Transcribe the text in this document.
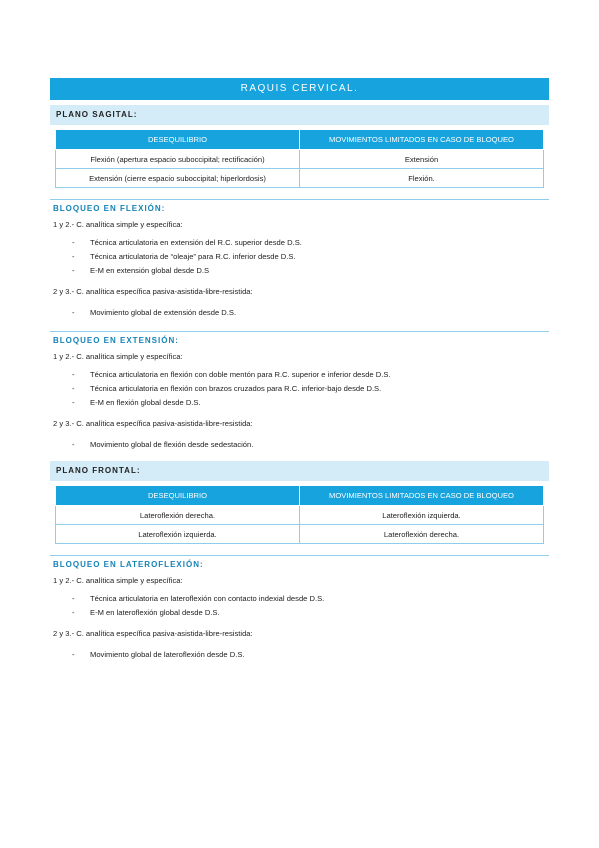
RAQUIS CERVICAL.
PLANO SAGITAL:
DESEQUILIBRIO	MOVIMIENTOS LIMITADOS EN CASO DE BLOQUEO
Flexión (apertura espacio suboccipital; rectificación)	Extensión
Extensión (cierre espacio suboccipital; hiperlordosis)	Flexión.
BLOQUEO EN FLEXIÓN:
1 y 2.- C. analítica simple y específica:
- Técnica articulatoria en extensión del R.C. superior desde D.S.
- Técnica articulatoria de “oleaje” para R.C. inferior desde D.S.
- E-M en extensión global desde D.S
2 y 3.- C. analítica específica pasiva-asistida-libre-resistida:
- Movimiento global de extensión desde D.S.
BLOQUEO EN EXTENSIÓN:
1 y 2.- C. analítica simple y específica:
- Técnica articulatoria en flexión con doble mentón para R.C. superior e inferior desde D.S.
- Técnica articulatoria en flexión con brazos cruzados para R.C. inferior-bajo desde D.S.
- E-M en flexión global desde D.S.
2 y 3.- C. analítica específica pasiva-asistida-libre-resistida:
- Movimiento global de flexión desde sedestación.
PLANO FRONTAL:
DESEQUILIBRIO	MOVIMIENTOS LIMITADOS EN CASO DE BLOQUEO
Lateroflexión derecha.	Lateroflexión izquierda.
Lateroflexión izquierda.	Lateroflexión derecha.
BLOQUEO EN LATEROFLEXIÓN:
1 y 2.- C. analítica simple y específica:
- Técnica articulatoria en lateroflexión con contacto indexial desde D.S.
- E-M en lateroflexión global desde D.S.
2 y 3.- C. analítica específica pasiva-asistida-libre-resistida:
- Movimiento global de lateroflexión desde D.S.
